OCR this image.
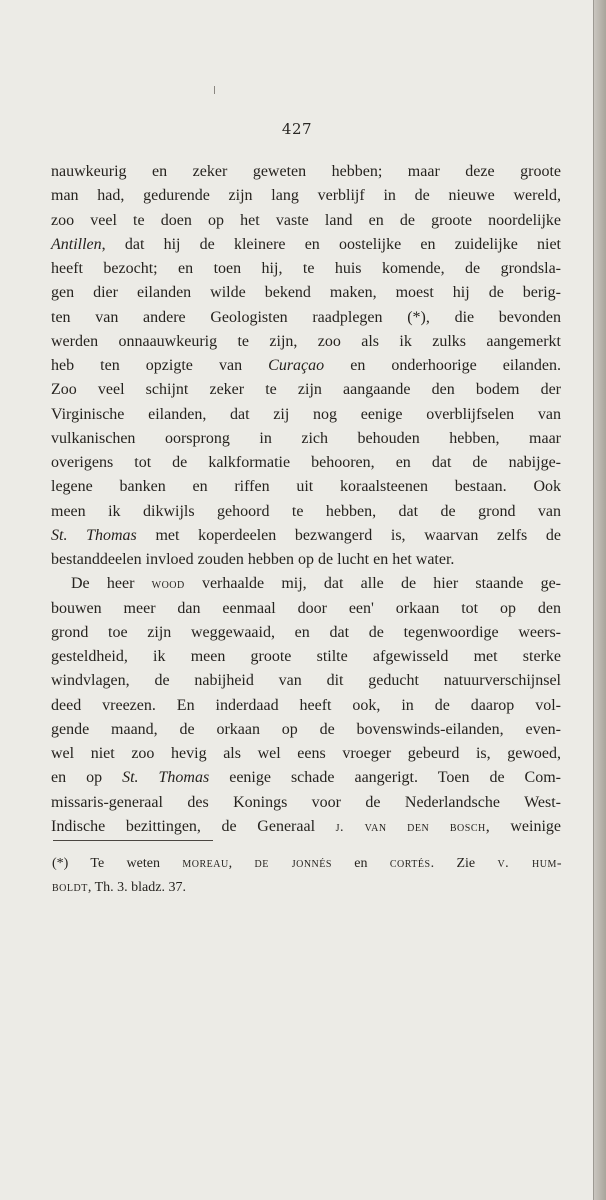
427
nauwkeurig en zeker geweten hebben; maar deze groote
man had, gedurende zijn lang verblijf in de nieuwe wereld,
zoo veel te doen op het vaste land en de groote noordelijke
Antillen, dat hij de kleinere en oostelijke en zuidelijke niet
heeft bezocht; en toen hij, te huis komende, de grondsla-
gen dier eilanden wilde bekend maken, moest hij de berig-
ten van andere Geologisten raadplegen (*), die bevonden
werden onnaauwkeurig te zijn, zoo als ik zulks aangemerkt
heb ten opzigte van Curaçao en onderhoorige eilanden.
Zoo veel schijnt zeker te zijn aangaande den bodem der
Virginische eilanden, dat zij nog eenige overblijfselen van
vulkanischen oorsprong in zich behouden hebben, maar
overigens tot de kalkformatie behooren, en dat de nabijge-
legene banken en riffen uit koraalsteenen bestaan. Ook
meen ik dikwijls gehoord te hebben, dat de grond van
St. Thomas met koperdeelen bezwangerd is, waarvan zelfs de
bestanddeelen invloed zouden hebben op de lucht en het water.
De heer wood verhaalde mij, dat alle de hier staande ge-
bouwen meer dan eenmaal door een' orkaan tot op den
grond toe zijn weggewaaid, en dat de tegenwoordige weers-
gesteldheid, ik meen groote stilte afgewisseld met sterke
windvlagen, de nabijheid van dit geducht natuurverschijnsel
deed vreezen. En inderdaad heeft ook, in de daarop vol-
gende maand, de orkaan op de bovenswinds-eilanden, even-
wel niet zoo hevig als wel eens vroeger gebeurd is, gewoed,
en op St. Thomas eenige schade aangerigt. Toen de Com-
missaris-generaal des Konings voor de Nederlandsche West-
Indische bezittingen, de Generaal j. van den bosch, weinige
(*) Te weten moreau, de jonnés en cortés. Zie v. hum-
boldt, Th. 3. bladz. 37.
